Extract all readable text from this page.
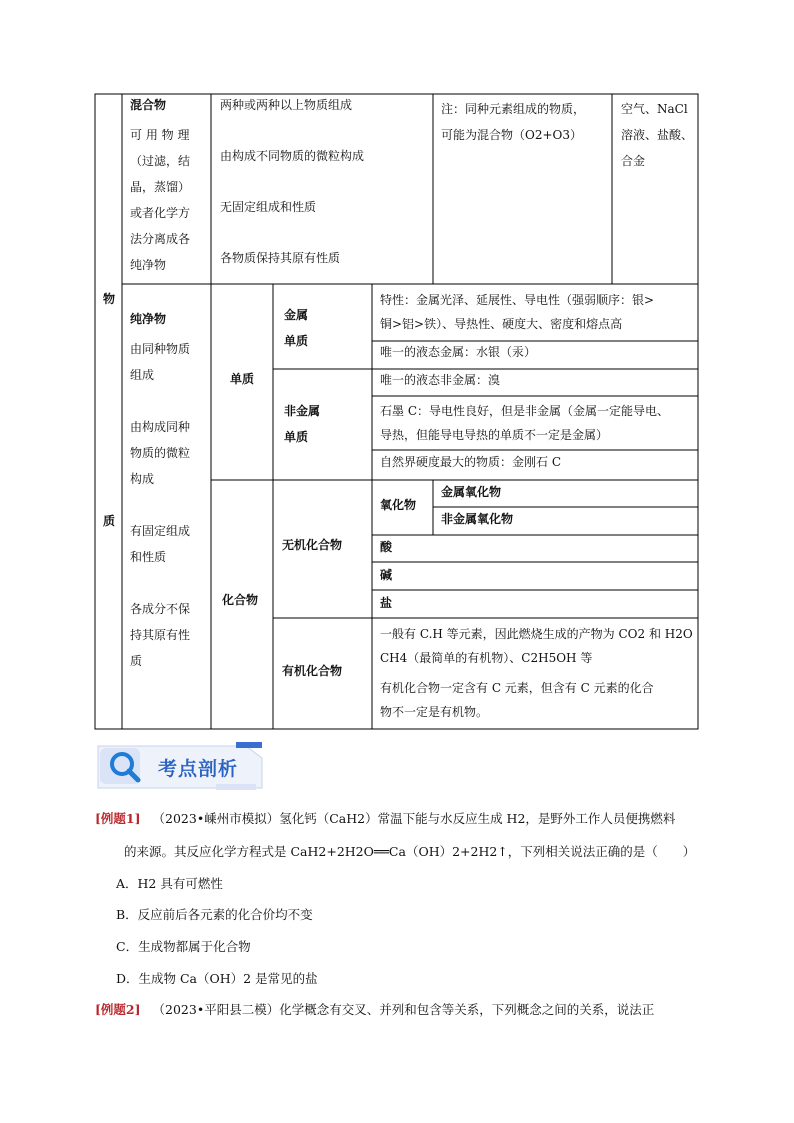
物
质
混合物
可 用 物 理
（过滤，结
晶，蒸馏）
或者化学方
法分离成各
纯净物
两种或两种以上物质组成
由构成不同物质的微粒构成
无固定组成和性质
各物质保持其原有性质
注：同种元素组成的物质，
可能为混合物（O2+O3）
空气、NaCl
溶液、盐酸、
合金
纯净物
由同种物质
组成
由构成同种
物质的微粒
构成
有固定组成
和性质
各成分不保
持其原有性
质
单质
金属
单质
特性：金属光泽、延展性、导电性（强弱顺序：银>
铜>铝>铁）、导热性、硬度大、密度和熔点高
唯一的液态金属：水银（汞）
非金属
单质
唯一的液态非金属：溴
石墨 C：导电性良好，但是非金属（金属一定能导电、
导热，但能导电导热的单质不一定是金属）
自然界硬度最大的物质：金刚石 C
化合物
无机化合物
氧化物
金属氧化物
非金属氧化物
酸
碱
盐
有机化合物
一般有 C.H 等元素，因此燃烧生成的产物为 CO2 和 H2O
CH4（最简单的有机物）、C2H5OH 等
有机化合物一定含有 C 元素，但含有 C 元素的化合
物不一定是有机物。
考点剖析
[例题1] （2023•嵊州市模拟）氢化钙（CaH2）常温下能与水反应生成 H2，是野外工作人员便携燃料
的来源。其反应化学方程式是 CaH2+2H2O══Ca（OH）2+2H2↑，下列相关说法正确的是（　　）
A．H2 具有可燃性
B．反应前后各元素的化合价均不变
C．生成物都属于化合物
D．生成物 Ca（OH）2 是常见的盐
[例题2] （2023•平阳县二模）化学概念有交叉、并列和包含等关系，下列概念之间的关系，说法正
